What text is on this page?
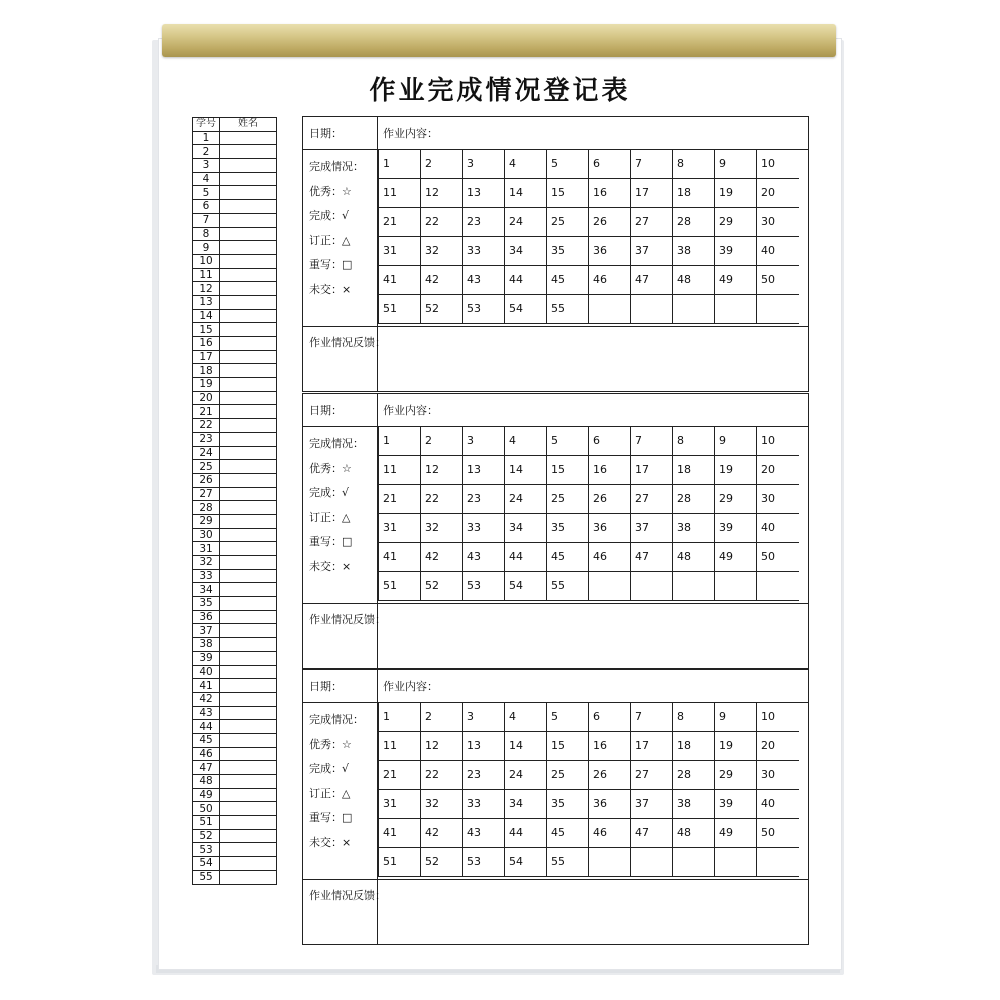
作业完成情况登记表
学号	姓名
1	
2	
3	
4	
5	
6	
7	
8	
9	
10	
11	
12	
13	
14	
15	
16	
17	
18	
19	
20	
21	
22	
23	
24	
25	
26	
27	
28	
29	
30	
31	
32	
33	
34	
35	
36	
37	
38	
39	
40	
41	
42	
43	
44	
45	
46	
47	
48	
49	
50	
51	
52	
53	
54	
55	
日期：	作业内容：
完成情况：
优秀：☆
完成：√
订正：△
重写：□
未交：×
1	2	3	4	5	6	7	8	9	10
11	12	13	14	15	16	17	18	19	20
21	22	23	24	25	26	27	28	29	30
31	32	33	34	35	36	37	38	39	40
41	42	43	44	45	46	47	48	49	50
51	52	53	54	55					
作业情况反馈：
日期：	作业内容：
完成情况：
优秀：☆
完成：√
订正：△
重写：□
未交：×
1	2	3	4	5	6	7	8	9	10
11	12	13	14	15	16	17	18	19	20
21	22	23	24	25	26	27	28	29	30
31	32	33	34	35	36	37	38	39	40
41	42	43	44	45	46	47	48	49	50
51	52	53	54	55					
作业情况反馈：
日期：	作业内容：
完成情况：
优秀：☆
完成：√
订正：△
重写：□
未交：×
1	2	3	4	5	6	7	8	9	10
11	12	13	14	15	16	17	18	19	20
21	22	23	24	25	26	27	28	29	30
31	32	33	34	35	36	37	38	39	40
41	42	43	44	45	46	47	48	49	50
51	52	53	54	55					
作业情况反馈：
